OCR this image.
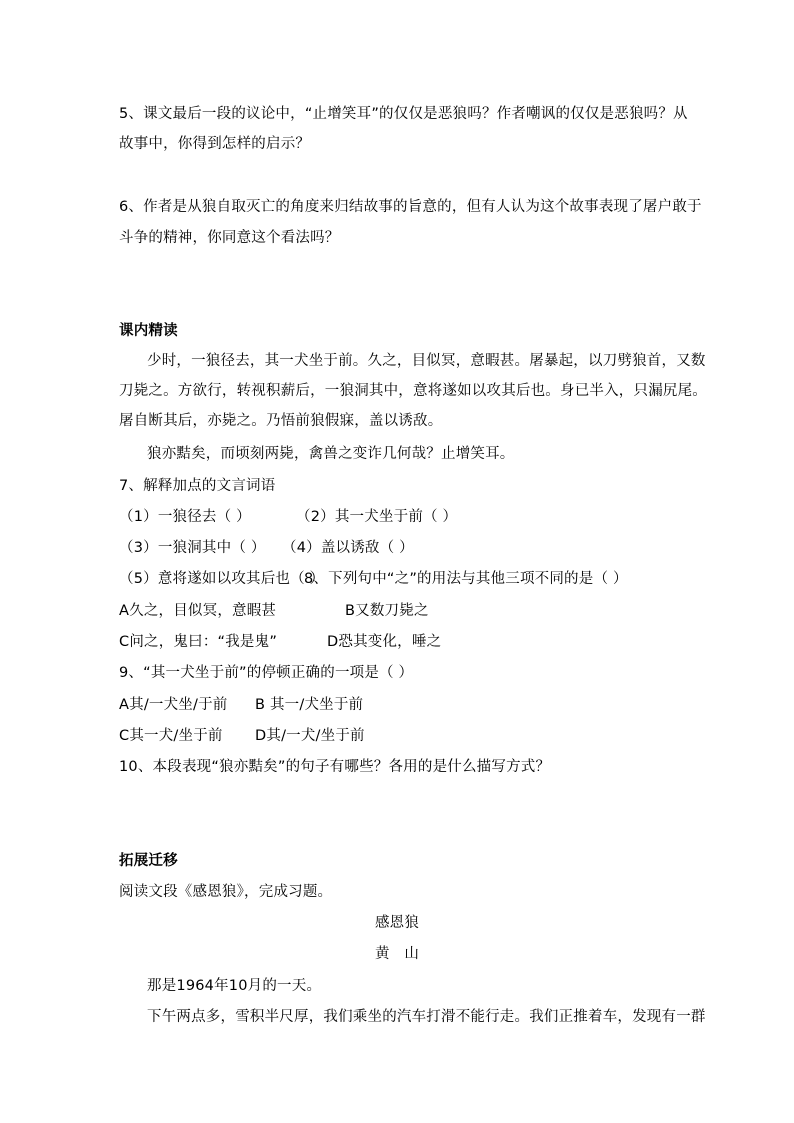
5、课文最后一段的议论中，“止增笑耳”的仅仅是恶狼吗？作者嘲讽的仅仅是恶狼吗？从
故事中，你得到怎样的启示？
6、作者是从狼自取灭亡的角度来归结故事的旨意的，但有人认为这个故事表现了屠户敢于
斗争的精神，你同意这个看法吗？
课内精读
少时，一狼径去，其一犬坐于前。久之，目似冥，意暇甚。屠暴起，以刀劈狼首，又数
刀毙之。方欲行，转视积薪后，一狼洞其中，意将遂如以攻其后也。身已半入，只漏尻尾。
屠自断其后，亦毙之。乃悟前狼假寐，盖以诱敌。
狼亦黠矣，而顷刻两毙，禽兽之变诈几何哉？止增笑耳。
7、解释加点的文言词语
（1）一狼径去（ ）	（2）其一犬坐于前（ ）
（3）一狼洞其中（ ） （4）盖以诱敌（ ）
（5）意将遂如以攻其后也（ ）
8、下列句中“之”的用法与其他三项不同的是（ ）
A久之，目似冥，意暇甚	B又数刀毙之
C问之，鬼曰：“我是鬼”	D恐其变化，唾之
9、“其一犬坐于前”的停顿正确的一项是（ ）
A其/一犬坐/于前 B 其一/犬坐于前
C其一犬/坐于前 D其/一犬/坐于前
10、本段表现“狼亦黠矣”的句子有哪些？各用的是什么描写方式？
拓展迁移
阅读文段《感恩狼》，完成习题。
感恩狼
黄　山
那是1964年10月的一天。
下午两点多，雪积半尺厚，我们乘坐的汽车打滑不能行走。我们正推着车，发现有一群
